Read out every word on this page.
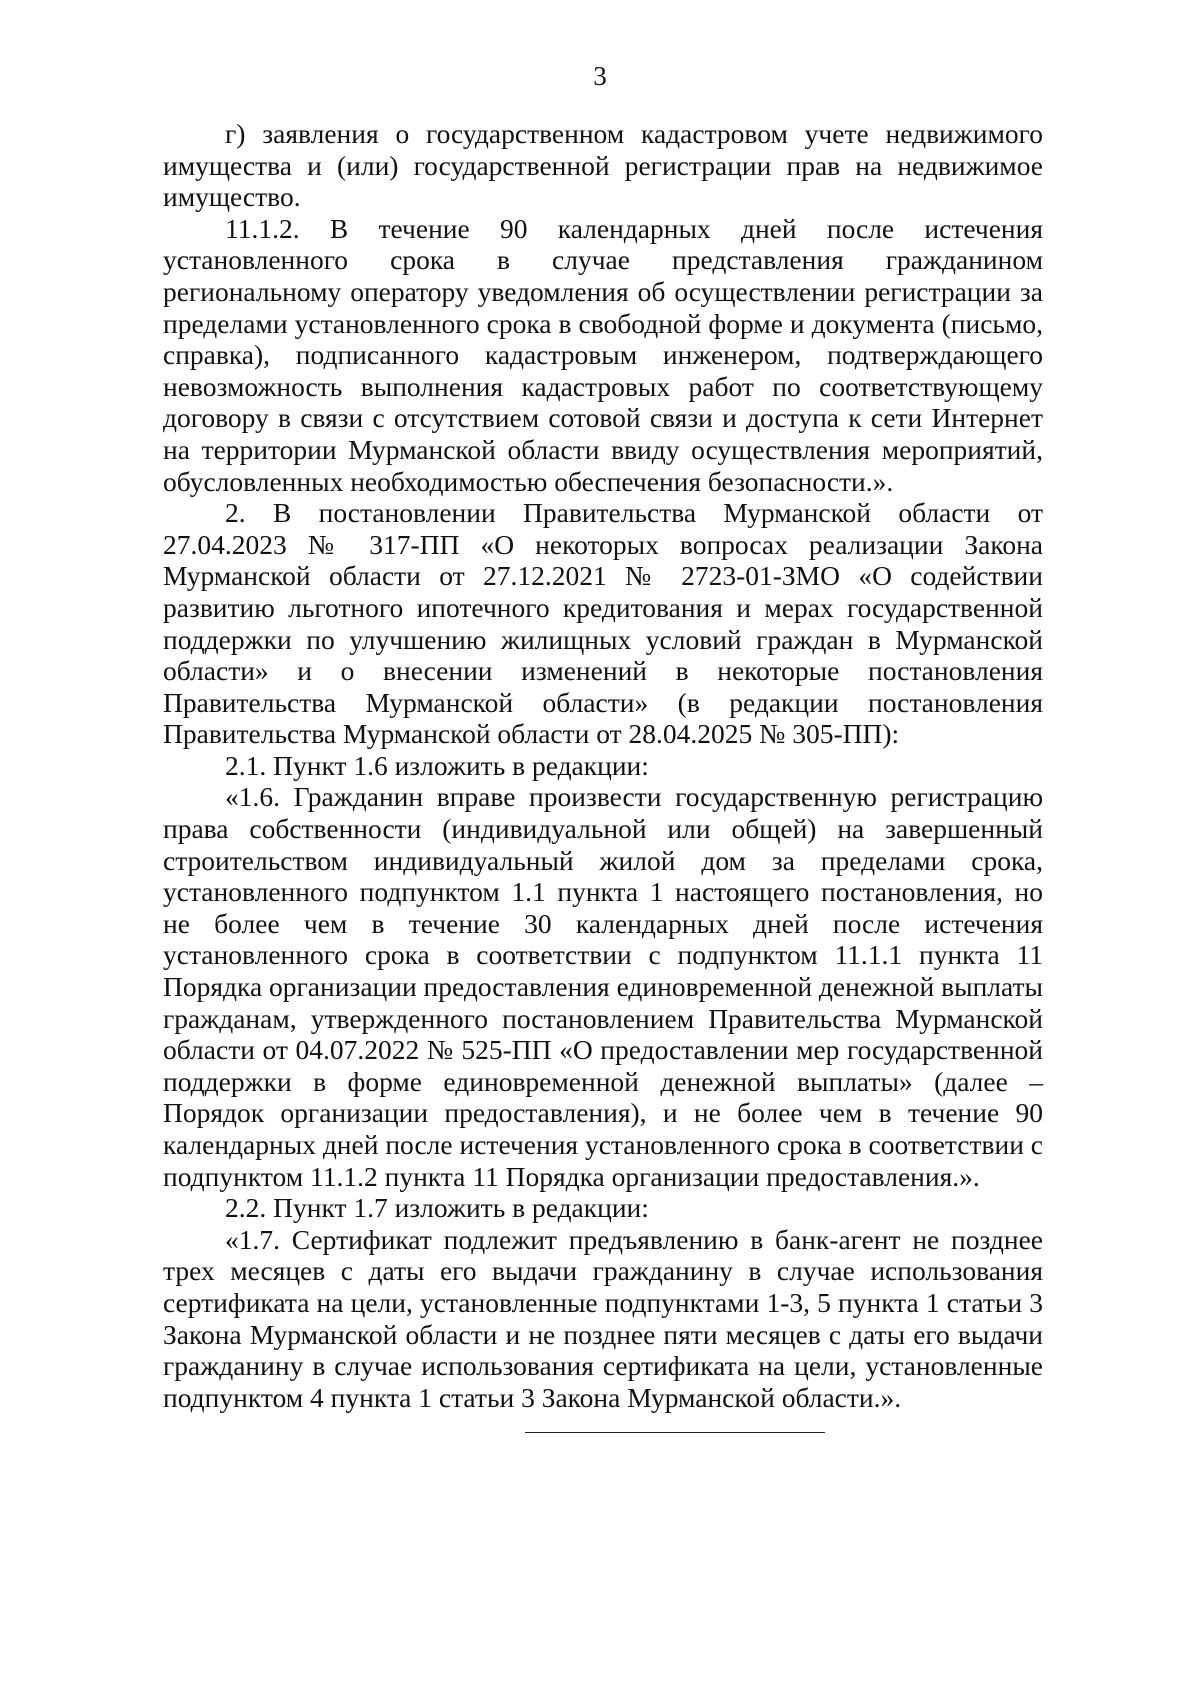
3

г) заявления о государственном кадастровом учете недвижимого имущества и (или) государственной регистрации прав на недвижимое имущество.

11.1.2. В течение 90 календарных дней после истечения установленного срока в случае представления гражданином региональному оператору уведомления об осуществлении регистрации за пределами установленного срока в свободной форме и документа (письмо, справка), подписанного кадастровым инженером, подтверждающего невозможность выполнения кадастровых работ по соответствующему договору в связи с отсутствием сотовой связи и доступа к сети Интернет на территории Мурманской области ввиду осуществления мероприятий, обусловленных необходимостью обеспечения безопасности.».

2. В постановлении Правительства Мурманской области от 27.04.2023 № 317-ПП «О некоторых вопросах реализации Закона Мурманской области от 27.12.2021 № 2723-01-ЗМО «О содействии развитию льготного ипотечного кредитования и мерах государственной поддержки по улучшению жилищных условий граждан в Мурманской области» и о внесении изменений в некоторые постановления Правительства Мурманской области» (в редакции постановления Правительства Мурманской области от 28.04.2025 № 305-ПП):

2.1. Пункт 1.6 изложить в редакции:

«1.6. Гражданин вправе произвести государственную регистрацию права собственности (индивидуальной или общей) на завершенный строительством индивидуальный жилой дом за пределами срока, установленного подпунктом 1.1 пункта 1 настоящего постановления, но не более чем в течение 30 календарных дней после истечения установленного срока в соответствии с подпунктом 11.1.1 пункта 11 Порядка организации предоставления единовременной денежной выплаты гражданам, утвержденного постановлением Правительства Мурманской области от 04.07.2022 № 525-ПП «О предоставлении мер государственной поддержки в форме единовременной денежной выплаты» (далее – Порядок организации предоставления), и не более чем в течение 90 календарных дней после истечения установленного срока в соответствии с подпунктом 11.1.2 пункта 11 Порядка организации предоставления.».

2.2. Пункт 1.7 изложить в редакции:

«1.7. Сертификат подлежит предъявлению в банк-агент не позднее трех месяцев с даты его выдачи гражданину в случае использования сертификата на цели, установленные подпунктами 1-3, 5 пункта 1 статьи 3 Закона Мурманской области и не позднее пяти месяцев с даты его выдачи гражданину в случае использования сертификата на цели, установленные подпунктом 4 пункта 1 статьи 3 Закона Мурманской области.».
